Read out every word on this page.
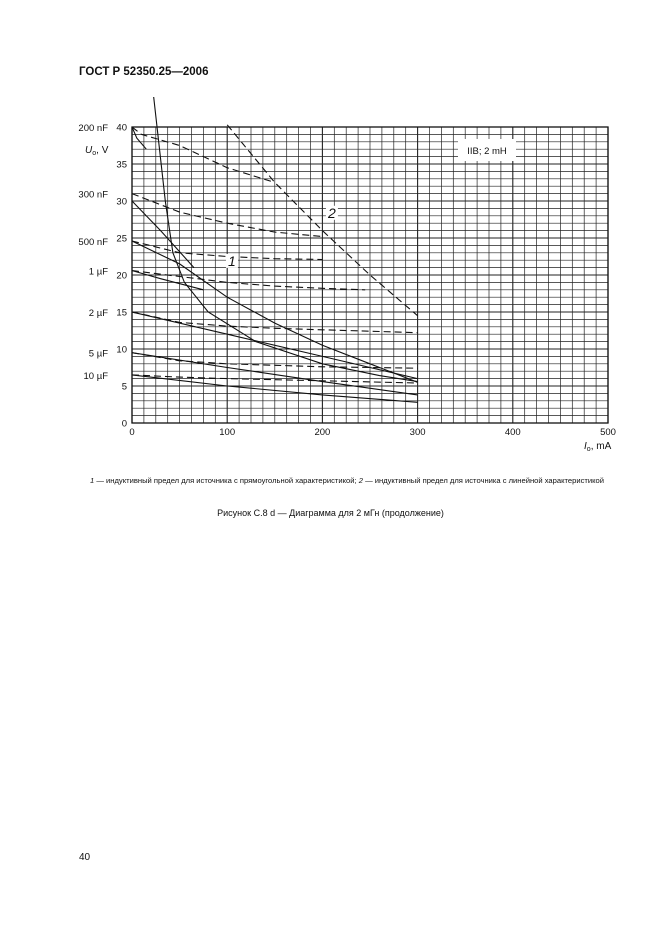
ГОСТ Р 52350.25—2006
IIB; 2 mH
1
2
0	100	200	300	400	500
0
5
10
15
20
25
30
35
40
200 nF
300 nF
500 nF
1 µF
2 µF
5 µF
10 µF
$U_o$, V
$I_o$, mA
1 — индуктивный предел для источника с прямоугольной характеристикой; 2 — индуктивный предел для источника с линейной характеристикой
Рисунок С.8 d — Диаграмма для 2 мГн (продолжение)
40
